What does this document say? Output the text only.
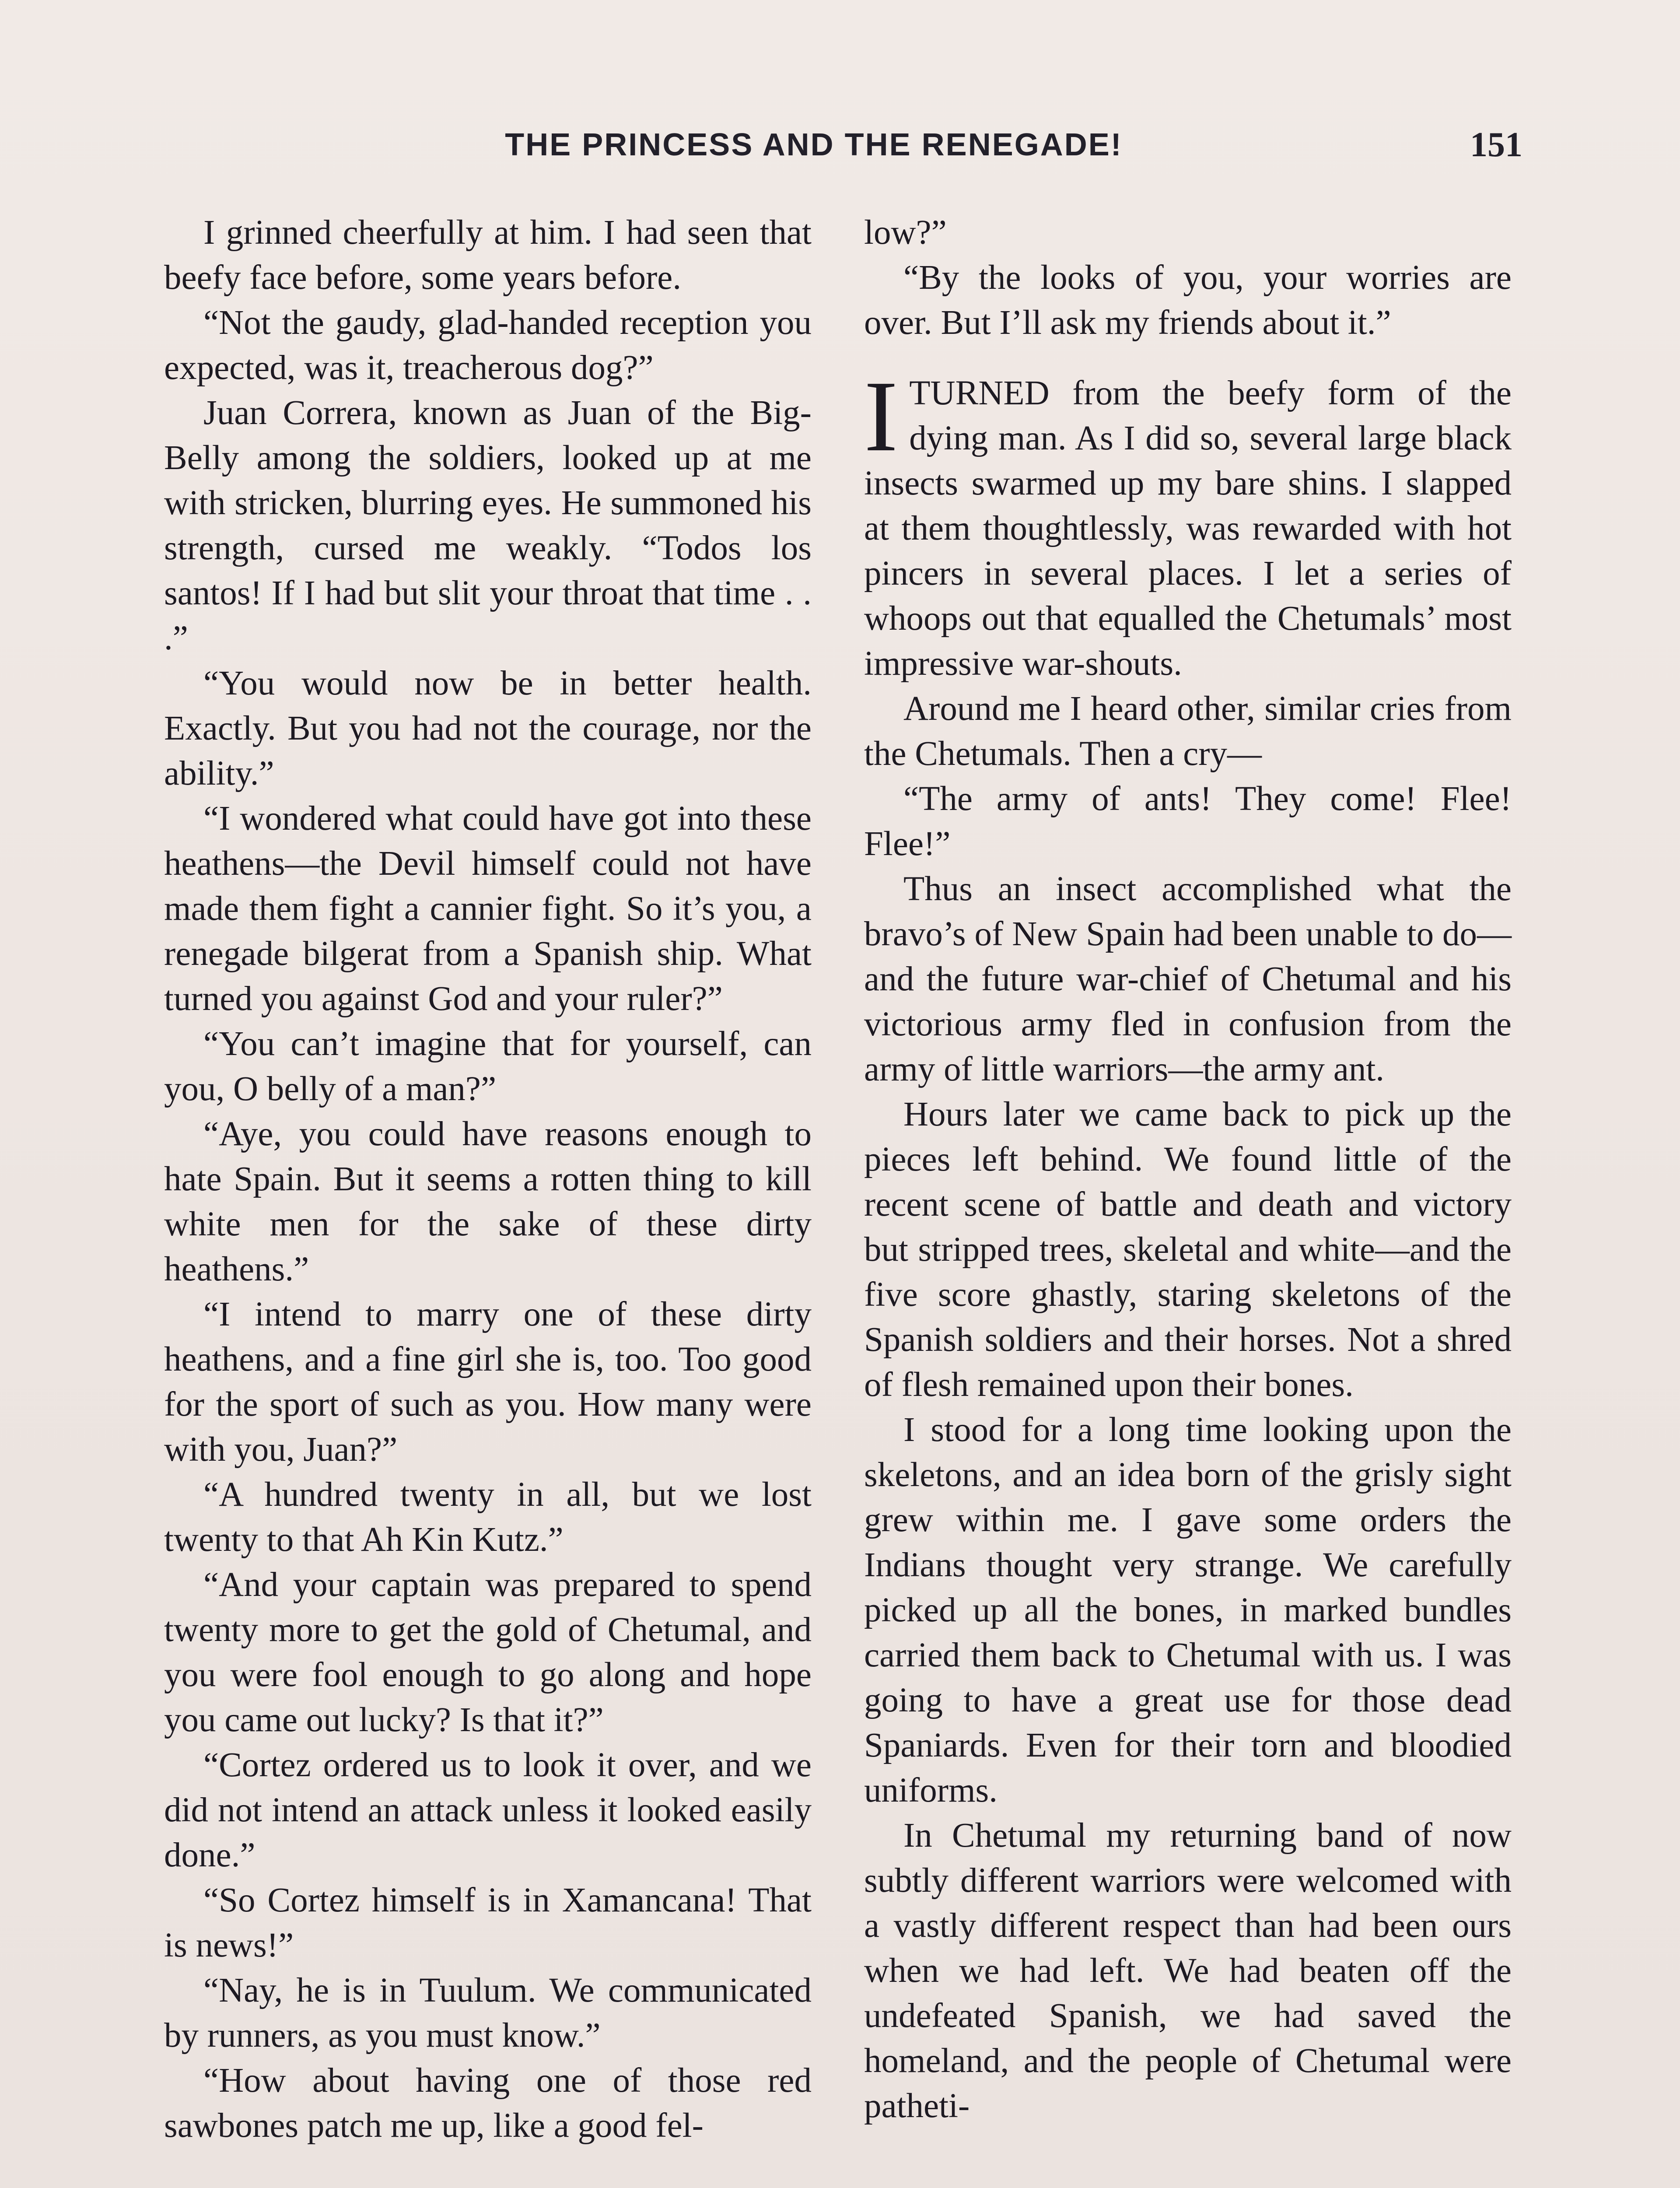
THE PRINCESS AND THE RENEGADE!	151

I grinned cheerfully at him. I had seen that beefy face before, some years before.

“Not the gaudy, glad-handed reception you expected, was it, treacherous dog?”

Juan Correra, known as Juan of the Big-Belly among the soldiers, looked up at me with stricken, blurring eyes. He summoned his strength, cursed me weakly. “Todos los santos! If I had but slit your throat that time . . .”

“You would now be in better health. Exactly. But you had not the courage, nor the ability.”

“I wondered what could have got into these heathens—the Devil himself could not have made them fight a cannier fight. So it’s you, a renegade bilgerat from a Spanish ship. What turned you against God and your ruler?”

“You can’t imagine that for yourself, can you, O belly of a man?”

“Aye, you could have reasons enough to hate Spain. But it seems a rotten thing to kill white men for the sake of these dirty heathens.”

“I intend to marry one of these dirty heathens, and a fine girl she is, too. Too good for the sport of such as you. How many were with you, Juan?”

“A hundred twenty in all, but we lost twenty to that Ah Kin Kutz.”

“And your captain was prepared to spend twenty more to get the gold of Chetumal, and you were fool enough to go along and hope you came out lucky? Is that it?”

“Cortez ordered us to look it over, and we did not intend an attack unless it looked easily done.”

“So Cortez himself is in Xamancana! That is news!”

“Nay, he is in Tuulum. We communicated by runners, as you must know.”

“How about having one of those red sawbones patch me up, like a good fel-

low?”

“By the looks of you, your worries are over. But I’ll ask my friends about it.”

ITURNED from the beefy form of the dying man. As I did so, several large black insects swarmed up my bare shins. I slapped at them thoughtlessly, was rewarded with hot pincers in several places. I let a series of whoops out that equalled the Chetumals’ most impressive war-shouts.

Around me I heard other, similar cries from the Chetumals. Then a cry—

“The army of ants! They come! Flee! Flee!”

Thus an insect accomplished what the bravo’s of New Spain had been unable to do—and the future war-chief of Chetumal and his victorious army fled in confusion from the army of little warriors—the army ant.

Hours later we came back to pick up the pieces left behind. We found little of the recent scene of battle and death and victory but stripped trees, skeletal and white—and the five score ghastly, staring skeletons of the Spanish soldiers and their horses. Not a shred of flesh remained upon their bones.

I stood for a long time looking upon the skeletons, and an idea born of the grisly sight grew within me. I gave some orders the Indians thought very strange. We carefully picked up all the bones, in marked bundles carried them back to Chetumal with us. I was going to have a great use for those dead Spaniards. Even for their torn and bloodied uniforms.

In Chetumal my returning band of now subtly different warriors were welcomed with a vastly different respect than had been ours when we had left. We had beaten off the undefeated Spanish, we had saved the homeland, and the people of Chetumal were patheti-
